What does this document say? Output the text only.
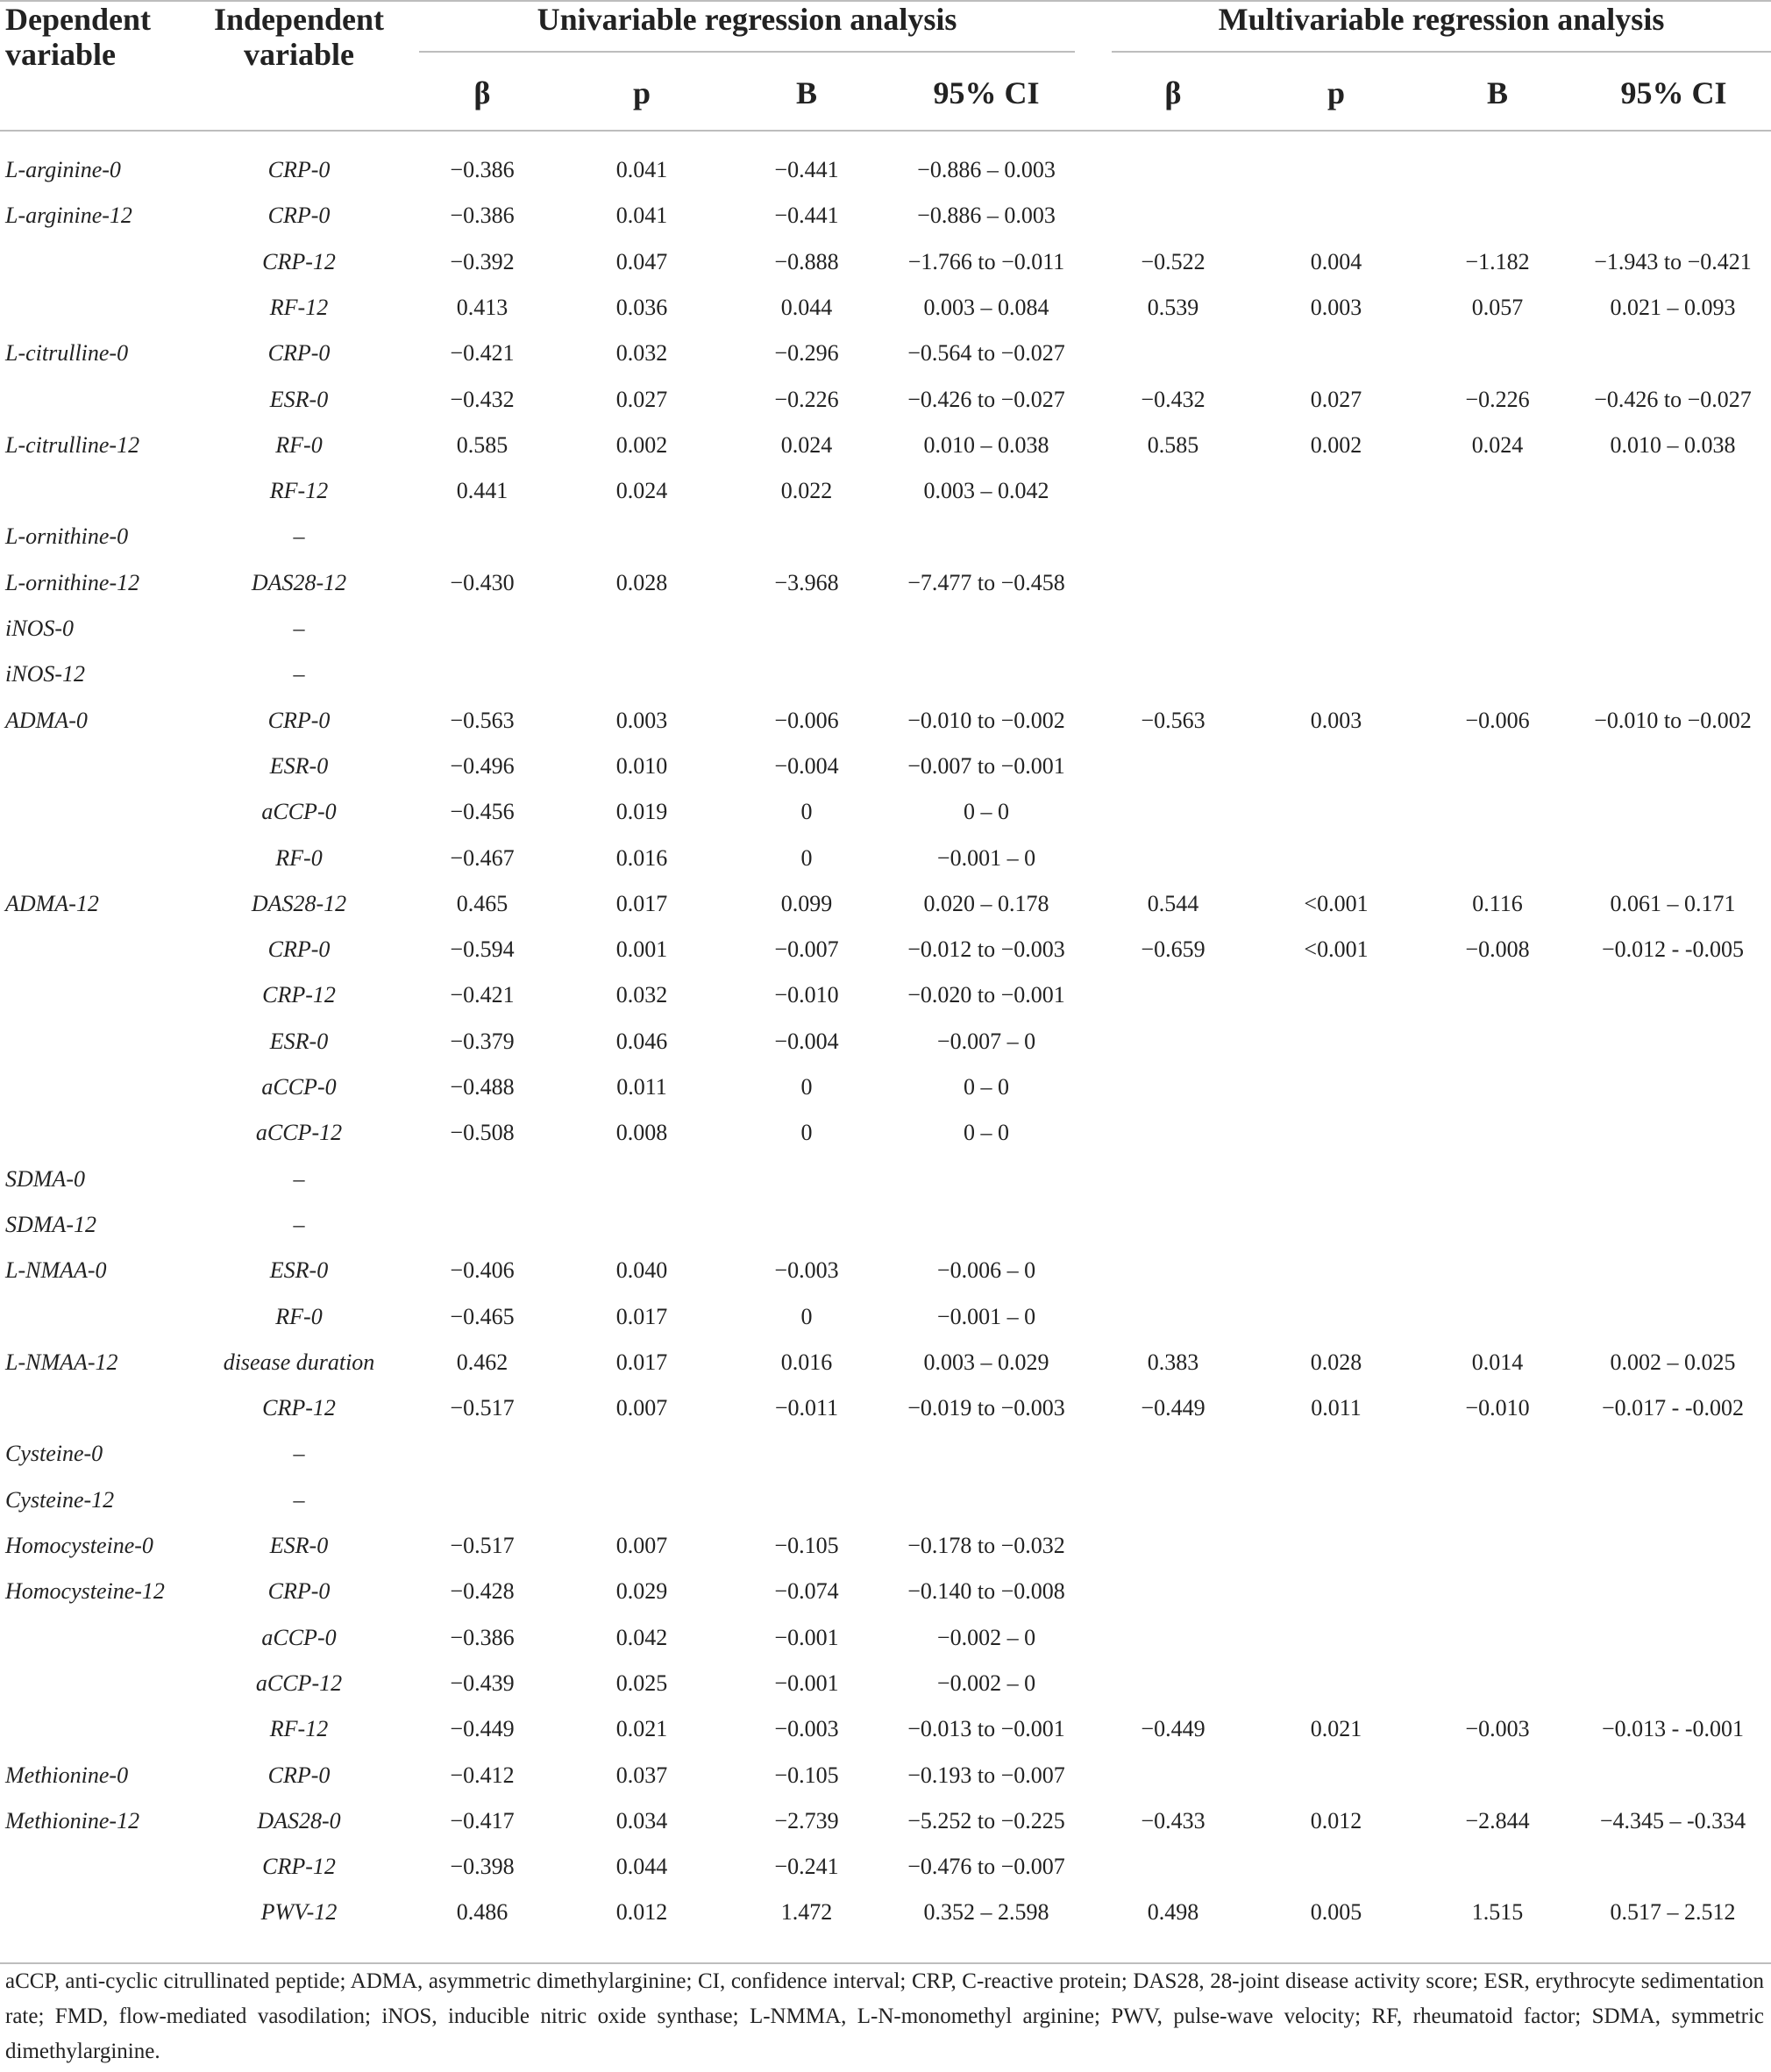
Dependent variable
Independent variable
Univariable regression analysis	Multivariable regression analysis
β	p	B	95% CI	β	p	B	95% CI
L-arginine-0	CRP-0	−0.386	0.041	−0.441	−0.886 – 0.003
L-arginine-12	CRP-0	−0.386	0.041	−0.441	−0.886 – 0.003
CRP-12	−0.392	0.047	−0.888	−1.766 to −0.011	−0.522	0.004	−1.182	−1.943 to −0.421
RF-12	0.413	0.036	0.044	0.003 – 0.084	0.539	0.003	0.057	0.021 – 0.093
L-citrulline-0	CRP-0	−0.421	0.032	−0.296	−0.564 to −0.027
ESR-0	−0.432	0.027	−0.226	−0.426 to −0.027	−0.432	0.027	−0.226	−0.426 to −0.027
L-citrulline-12	RF-0	0.585	0.002	0.024	0.010 – 0.038	0.585	0.002	0.024	0.010 – 0.038
RF-12	0.441	0.024	0.022	0.003 – 0.042
L-ornithine-0	–
L-ornithine-12	DAS28-12	−0.430	0.028	−3.968	−7.477 to −0.458
iNOS-0	–
iNOS-12	–
ADMA-0	CRP-0	−0.563	0.003	−0.006	−0.010 to −0.002	−0.563	0.003	−0.006	−0.010 to −0.002
ESR-0	−0.496	0.010	−0.004	−0.007 to −0.001
aCCP-0	−0.456	0.019	0	0 – 0
RF-0	−0.467	0.016	0	−0.001 – 0
ADMA-12	DAS28-12	0.465	0.017	0.099	0.020 – 0.178	0.544	<0.001	0.116	0.061 – 0.171
CRP-0	−0.594	0.001	−0.007	−0.012 to −0.003	−0.659	<0.001	−0.008	−0.012 - -0.005
CRP-12	−0.421	0.032	−0.010	−0.020 to −0.001
ESR-0	−0.379	0.046	−0.004	−0.007 – 0
aCCP-0	−0.488	0.011	0	0 – 0
aCCP-12	−0.508	0.008	0	0 – 0
SDMA-0	–
SDMA-12	–
L-NMAA-0	ESR-0	−0.406	0.040	−0.003	−0.006 – 0
RF-0	−0.465	0.017	0	−0.001 – 0
L-NMAA-12	disease duration	0.462	0.017	0.016	0.003 – 0.029	0.383	0.028	0.014	0.002 – 0.025
CRP-12	−0.517	0.007	−0.011	−0.019 to −0.003	−0.449	0.011	−0.010	−0.017 - -0.002
Cysteine-0	–
Cysteine-12	–
Homocysteine-0	ESR-0	−0.517	0.007	−0.105	−0.178 to −0.032
Homocysteine-12	CRP-0	−0.428	0.029	−0.074	−0.140 to −0.008
aCCP-0	−0.386	0.042	−0.001	−0.002 – 0
aCCP-12	−0.439	0.025	−0.001	−0.002 – 0
RF-12	−0.449	0.021	−0.003	−0.013 to −0.001	−0.449	0.021	−0.003	−0.013 - -0.001
Methionine-0	CRP-0	−0.412	0.037	−0.105	−0.193 to −0.007
Methionine-12	DAS28-0	−0.417	0.034	−2.739	−5.252 to −0.225	−0.433	0.012	−2.844	−4.345 – -0.334
CRP-12	−0.398	0.044	−0.241	−0.476 to −0.007
PWV-12	0.486	0.012	1.472	0.352 – 2.598	0.498	0.005	1.515	0.517 – 2.512
aCCP, anti-cyclic citrullinated peptide; ADMA, asymmetric dimethylarginine; CI, confidence interval; CRP, C-reactive protein; DAS28, 28-joint disease activity score; ESR, erythrocyte sedimentation rate; FMD, flow-mediated vasodilation; iNOS, inducible nitric oxide synthase; L-NMMA, L-N-monomethyl arginine; PWV, pulse-wave velocity; RF, rheumatoid factor; SDMA, symmetric dimethylarginine.
